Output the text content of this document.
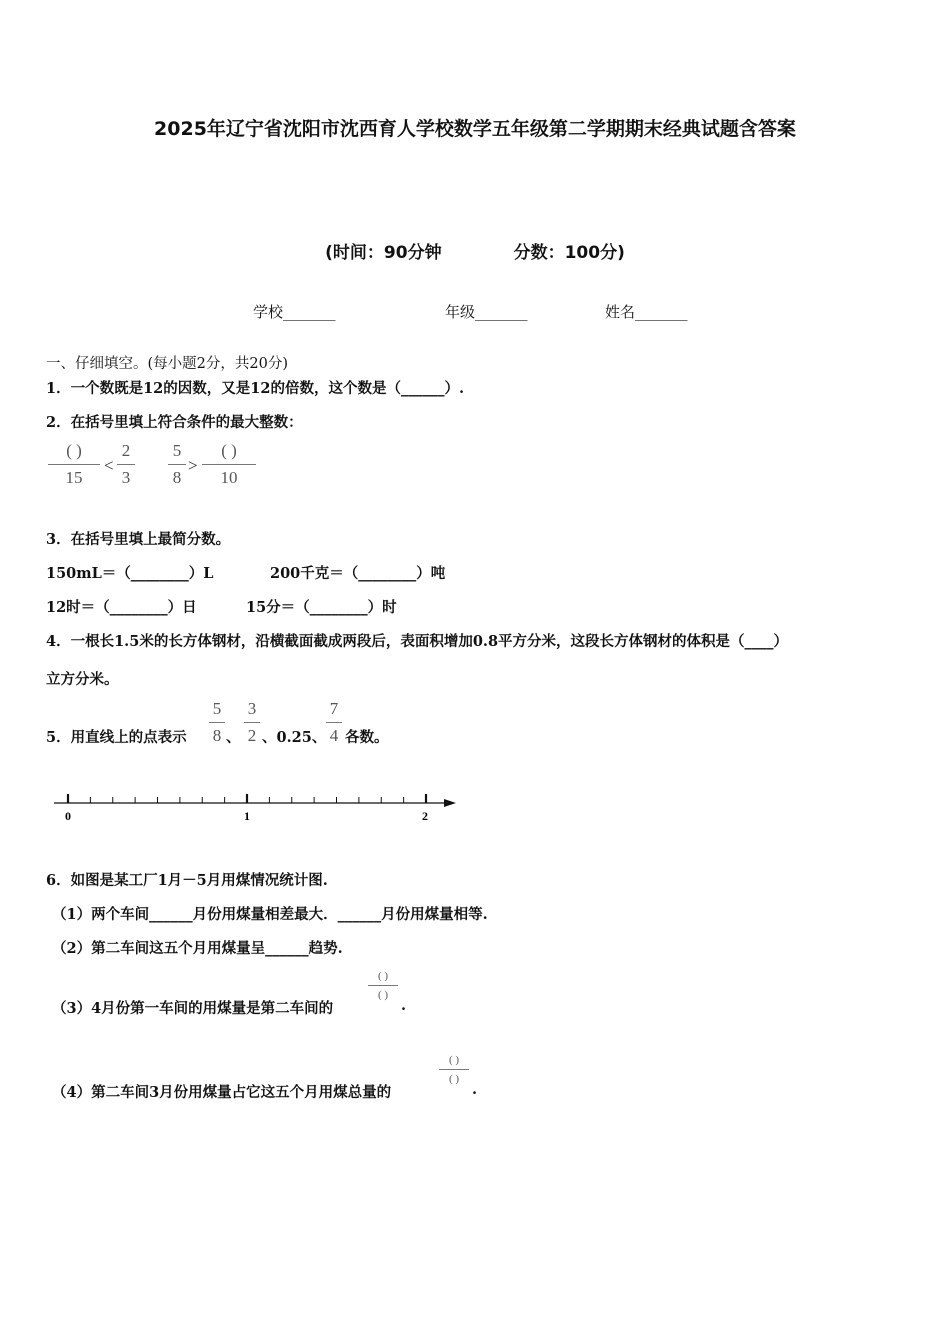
2025年辽宁省沈阳市沈西育人学校数学五年级第二学期期末经典试题含答案
(时间：90分钟	分数：100分)
学校_______	年级_______	姓名_______
一、仔细填空。(每小题2分，共20分)
1．一个数既是12的因数，又是12的倍数，这个数是（______）.
2．在括号里填上符合条件的最大整数：
( )
15
<
2
3
5
8
>
( )
10
3．在括号里填上最简分数。
150mL＝（________）L	200千克＝（________）吨
12时＝（________）日	15分＝（________）时
4．一根长1.5米的长方体钢材，沿横截面截成两段后，表面积增加0.8平方分米，这段长方体钢材的体积是（____）
立方分米。
5．用直线上的点表示
5
8 、
3
2 、0.25、
7
4 各数。
0	1	2
6．如图是某工厂1月－5月用煤情况统计图.
（1）两个车间______月份用煤量相差最大．______月份用煤量相等.
（2）第二车间这五个月用煤量呈______趋势.
（3）4月份第一车间的用煤量是第二车间的
( )
( )
.
（4）第二车间3月份用煤量占它这五个月用煤总量的
( )
( )
.
